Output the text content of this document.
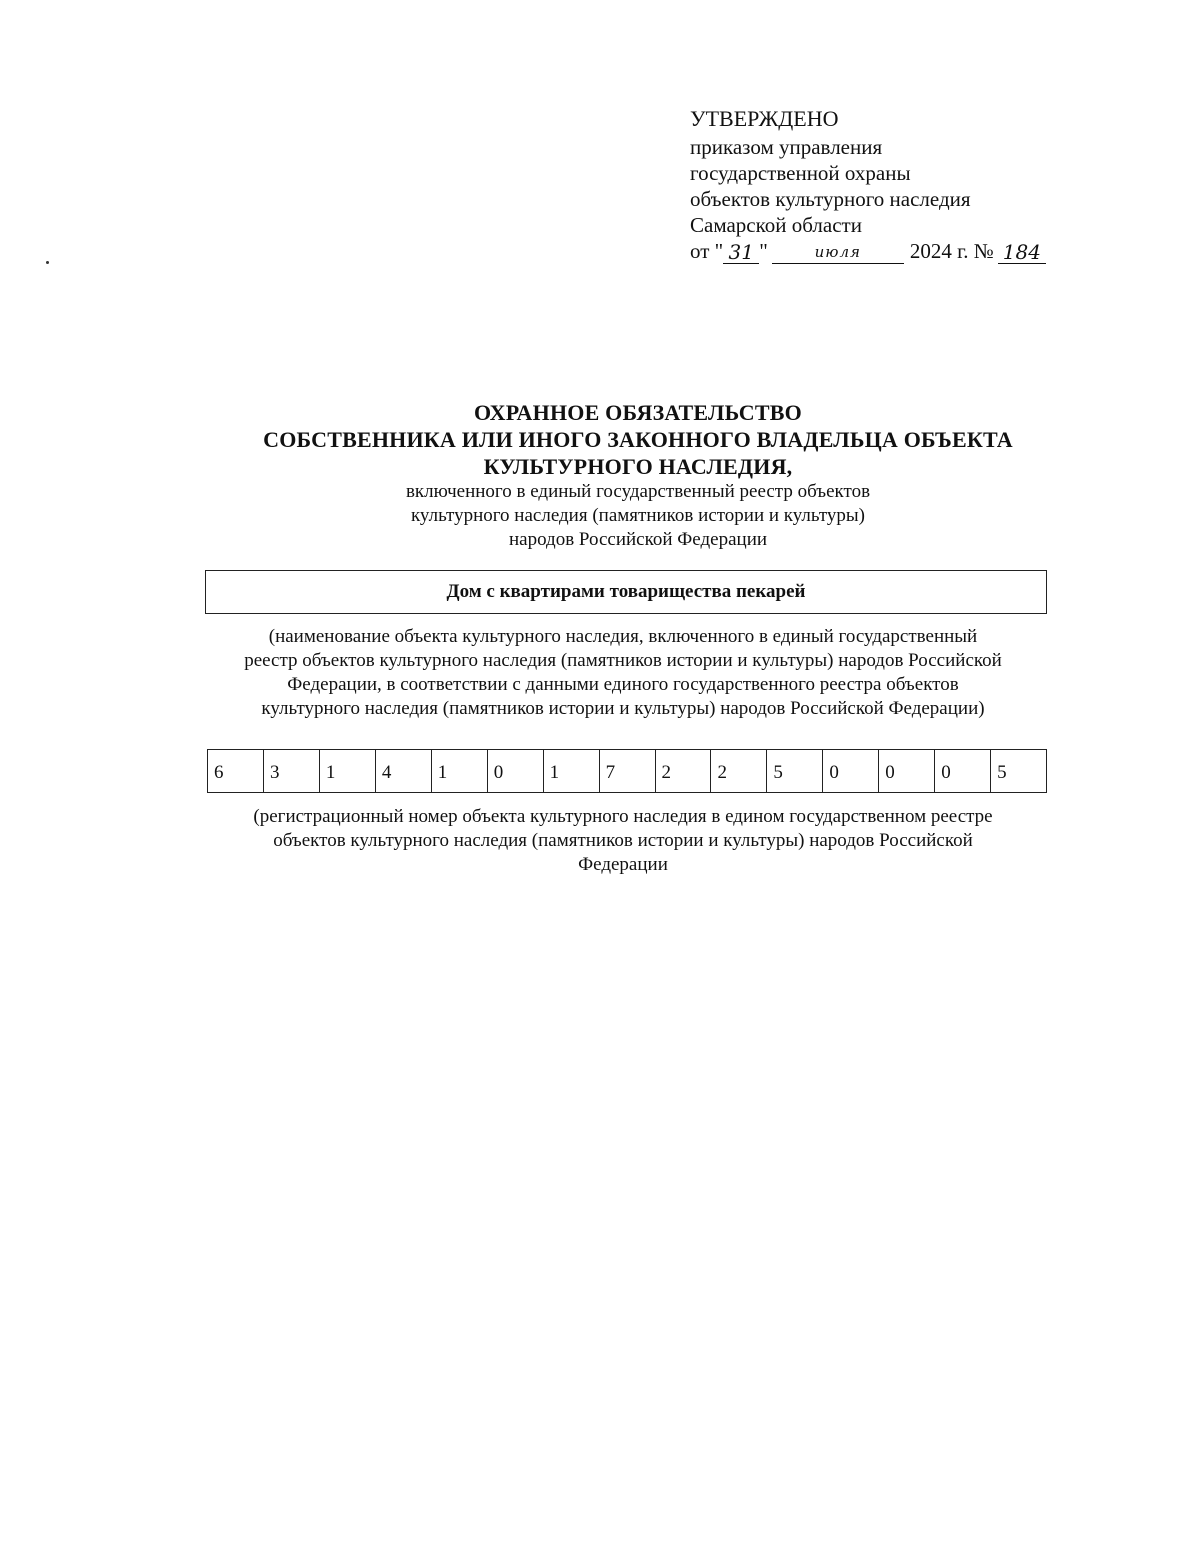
УТВЕРЖДЕНО
приказом управления
государственной охраны
объектов культурного наследия
Самарской области
от " 31 "	июля	2024 г. № 184
ОХРАННОЕ ОБЯЗАТЕЛЬСТВО
СОБСТВЕННИКА ИЛИ ИНОГО ЗАКОННОГО ВЛАДЕЛЬЦА ОБЪЕКТА
КУЛЬТУРНОГО НАСЛЕДИЯ,
включенного в единый государственный реестр объектов
культурного наследия (памятников истории и культуры)
народов Российской Федерации
Дом с квартирами товарищества пекарей
(наименование объекта культурного наследия, включенного в единый государственный
реестр объектов культурного наследия (памятников истории и культуры) народов Российской
Федерации, в соответствии с данными единого государственного реестра объектов
культурного наследия (памятников истории и культуры) народов Российской Федерации)
6	3	1	4	1	0	1	7	2	2	5	0	0	0	5
(регистрационный номер объекта культурного наследия в едином государственном реестре
объектов культурного наследия (памятников истории и культуры) народов Российской
Федерации
